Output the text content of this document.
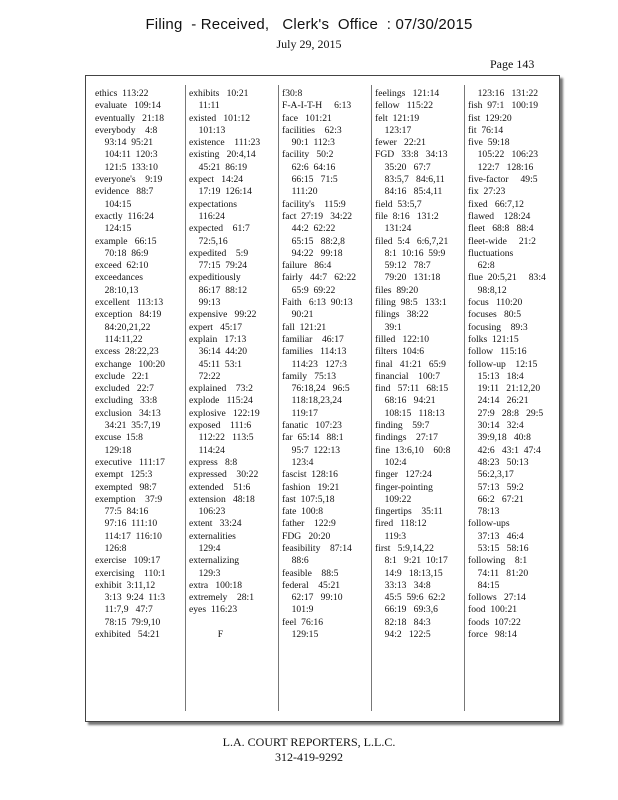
Filing  - Received,   Clerk's  Office  : 07/30/2015
July 29, 2015
Page 143
ethics  113:22
evaluate   109:14
eventually   21:18
everybody    4:8
93:14  95:21
104:11  120:3
121:5  133:10
everyone's    9:19
evidence   88:7
104:15
exactly  116:24
124:15
example   66:15
70:18  86:9
exceed  62:10
exceedances
28:10,13
excellent   113:13
exception   84:19
84:20,21,22
114:11,22
excess  28:22,23
exchange   100:20
exclude   22:1
excluded   22:7
excluding   33:8
exclusion   34:13
34:21  35:7,19
excuse  15:8
129:18
executive   111:17
exempt   125:3
exempted   98:7
exemption    37:9
77:5  84:16
97:16  111:10
114:17  116:10
126:8
exercise   109:17
exercising    110:1
exhibit  3:11,12
3:13  9:24  11:3
11:7,9   47:7
78:15  79:9,10
exhibited   54:21
exhibits   10:21
11:11
existed   101:12
101:13
existence    111:23
existing   20:4,14
45:21  86:19
expect   14:24
17:19  126:14
expectations
116:24
expected    61:7
72:5,16
expedited    5:9
77:15  79:24
expeditiously
86:17  88:12
99:13
expensive   99:22
expert   45:17
explain   17:13
36:14  44:20
45:11  53:1
72:22
explained    73:2
explode   115:24
explosive   122:19
exposed    111:6
112:22   113:5
114:24
express   8:8
expressed    30:22
extended    51:6
extension   48:18
106:23
extent   33:24
externalities
129:4
externalizing
129:3
extra   100:18
extremely    28:1
eyes  116:23
F
f30:8
F-A-I-T-H     6:13
face   101:21
facilities    62:3
90:1  112:3
facility   50:2
62:6  64:16
66:15   71:5
111:20
facility's    115:9
fact  27:19   34:22
44:2  62:22
65:15   88:2,8
94:22   99:18
failure   86:4
fairly   44:7   62:22
65:9  69:22
Faith   6:13  90:13
90:21
fall  121:21
familiar    46:17
families   114:13
114:23   127:3
family   75:13
76:18,24   96:5
118:18,23,24
119:17
fanatic   107:23
far  65:14   88:1
95:7  122:13
123:4
fascist  128:16
fashion   19:21
fast  107:5,18
fate  100:8
father    122:9
FDG   20:20
feasibility    87:14
88:6
feasible    88:5
federal    45:21
62:17   99:10
101:9
feel  76:16
129:15
feelings   121:14
fellow   115:22
felt  121:19
123:17
fewer   22:21
FGD   33:8   34:13
35:20   67:7
83:5,7   84:6,11
84:16   85:4,11
field  53:5,7
file  8:16   131:2
131:24
filed  5:4   6:6,7,21
8:1  10:16  59:9
59:12   78:7
79:20   131:18
files  89:20
filing  98:5   133:1
filings   38:22
39:1
filled   122:10
filters  104:6
final   41:21   65:9
financial    100:7
find   57:11   68:15
68:16   94:21
108:15   118:13
finding    59:7
findings    27:17
fine  13:6,10    60:8
102:4
finger   127:24
finger-pointing
109:22
fingertips    35:11
fired   118:12
119:3
first   5:9,14,22
8:1   9:21  10:17
14:9   18:13,15
33:13   34:8
45:5  59:6  62:2
66:19   69:3,6
82:18   84:3
94:2   122:5
123:16   131:22
fish  97:1   100:19
fist  129:20
fit  76:14
five  59:18
105:22   106:23
122:7   128:16
five-factor     49:5
fix  27:23
fixed   66:7,12
flawed    128:24
fleet   68:8   88:4
fleet-wide     21:2
fluctuations
62:8
flue  20:5,21     83:4
98:8,12
focus   110:20
focuses   80:5
focusing    89:3
folks  121:15
follow   115:16
follow-up    12:15
15:13   18:4
19:11   21:12,20
24:14   26:21
27:9   28:8   29:5
30:14   32:4
39:9,18   40:8
42:6   43:1  47:4
48:23   50:13
56:2,3,17
57:13   59:2
66:2   67:21
78:13
follow-ups
37:13   46:4
53:15   58:16
following    8:1
74:11   81:20
84:15
follows   27:14
food  100:21
foods  107:22
force   98:14
L.A. COURT REPORTERS, L.L.C.
312-419-9292
